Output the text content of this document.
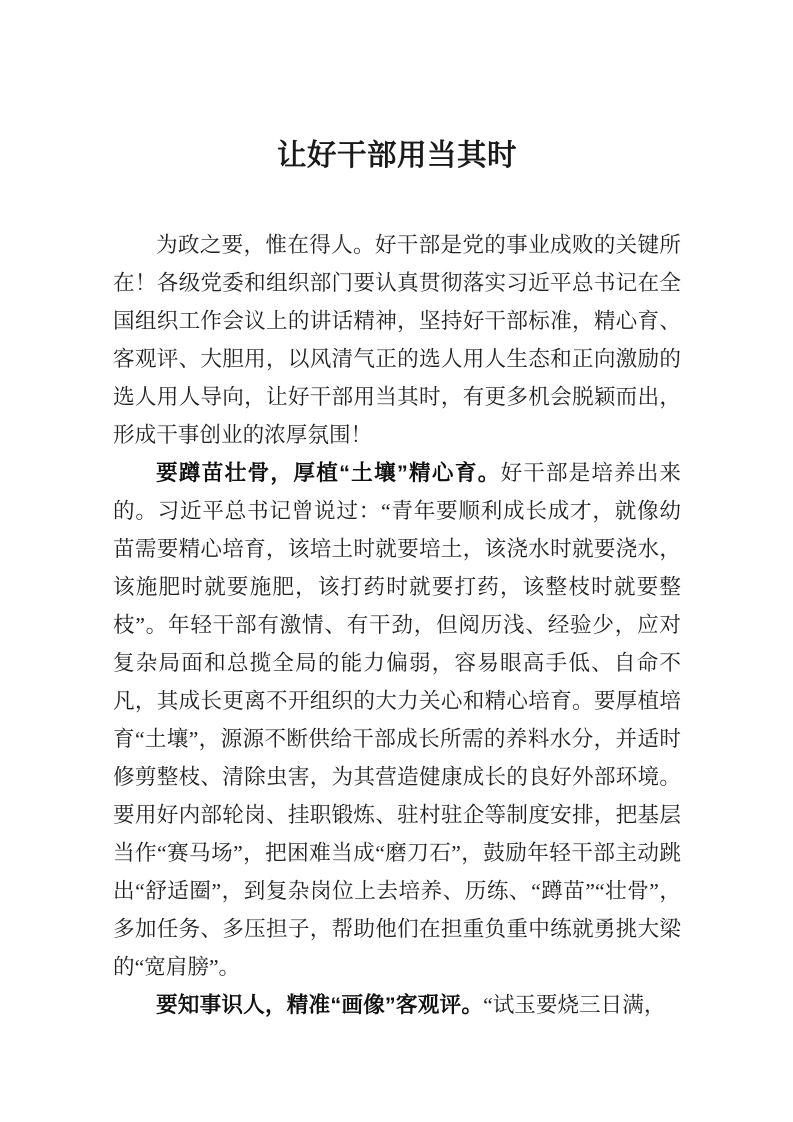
让好干部用当其时

为政之要，惟在得人。好干部是党的事业成败的关键所在！各级党委和组织部门要认真贯彻落实习近平总书记在全国组织工作会议上的讲话精神，坚持好干部标准，精心育、客观评、大胆用，以风清气正的选人用人生态和正向激励的选人用人导向，让好干部用当其时，有更多机会脱颖而出，形成干事创业的浓厚氛围！

要蹲苗壮骨，厚植“土壤”精心育。好干部是培养出来的。习近平总书记曾说过：“青年要顺利成长成才，就像幼苗需要精心培育，该培土时就要培土，该浇水时就要浇水，该施肥时就要施肥，该打药时就要打药，该整枝时就要整枝”。年轻干部有激情、有干劲，但阅历浅、经验少，应对复杂局面和总揽全局的能力偏弱，容易眼高手低、自命不凡，其成长更离不开组织的大力关心和精心培育。要厚植培育“土壤”，源源不断供给干部成长所需的养料水分，并适时修剪整枝、清除虫害，为其营造健康成长的良好外部环境。要用好内部轮岗、挂职锻炼、驻村驻企等制度安排，把基层当作“赛马场”，把困难当成“磨刀石”，鼓励年轻干部主动跳出“舒适圈”，到复杂岗位上去培养、历练、“蹲苗”“壮骨”，多加任务、多压担子，帮助他们在担重负重中练就勇挑大梁的“宽肩膀”。

要知事识人，精准“画像”客观评。“试玉要烧三日满，
